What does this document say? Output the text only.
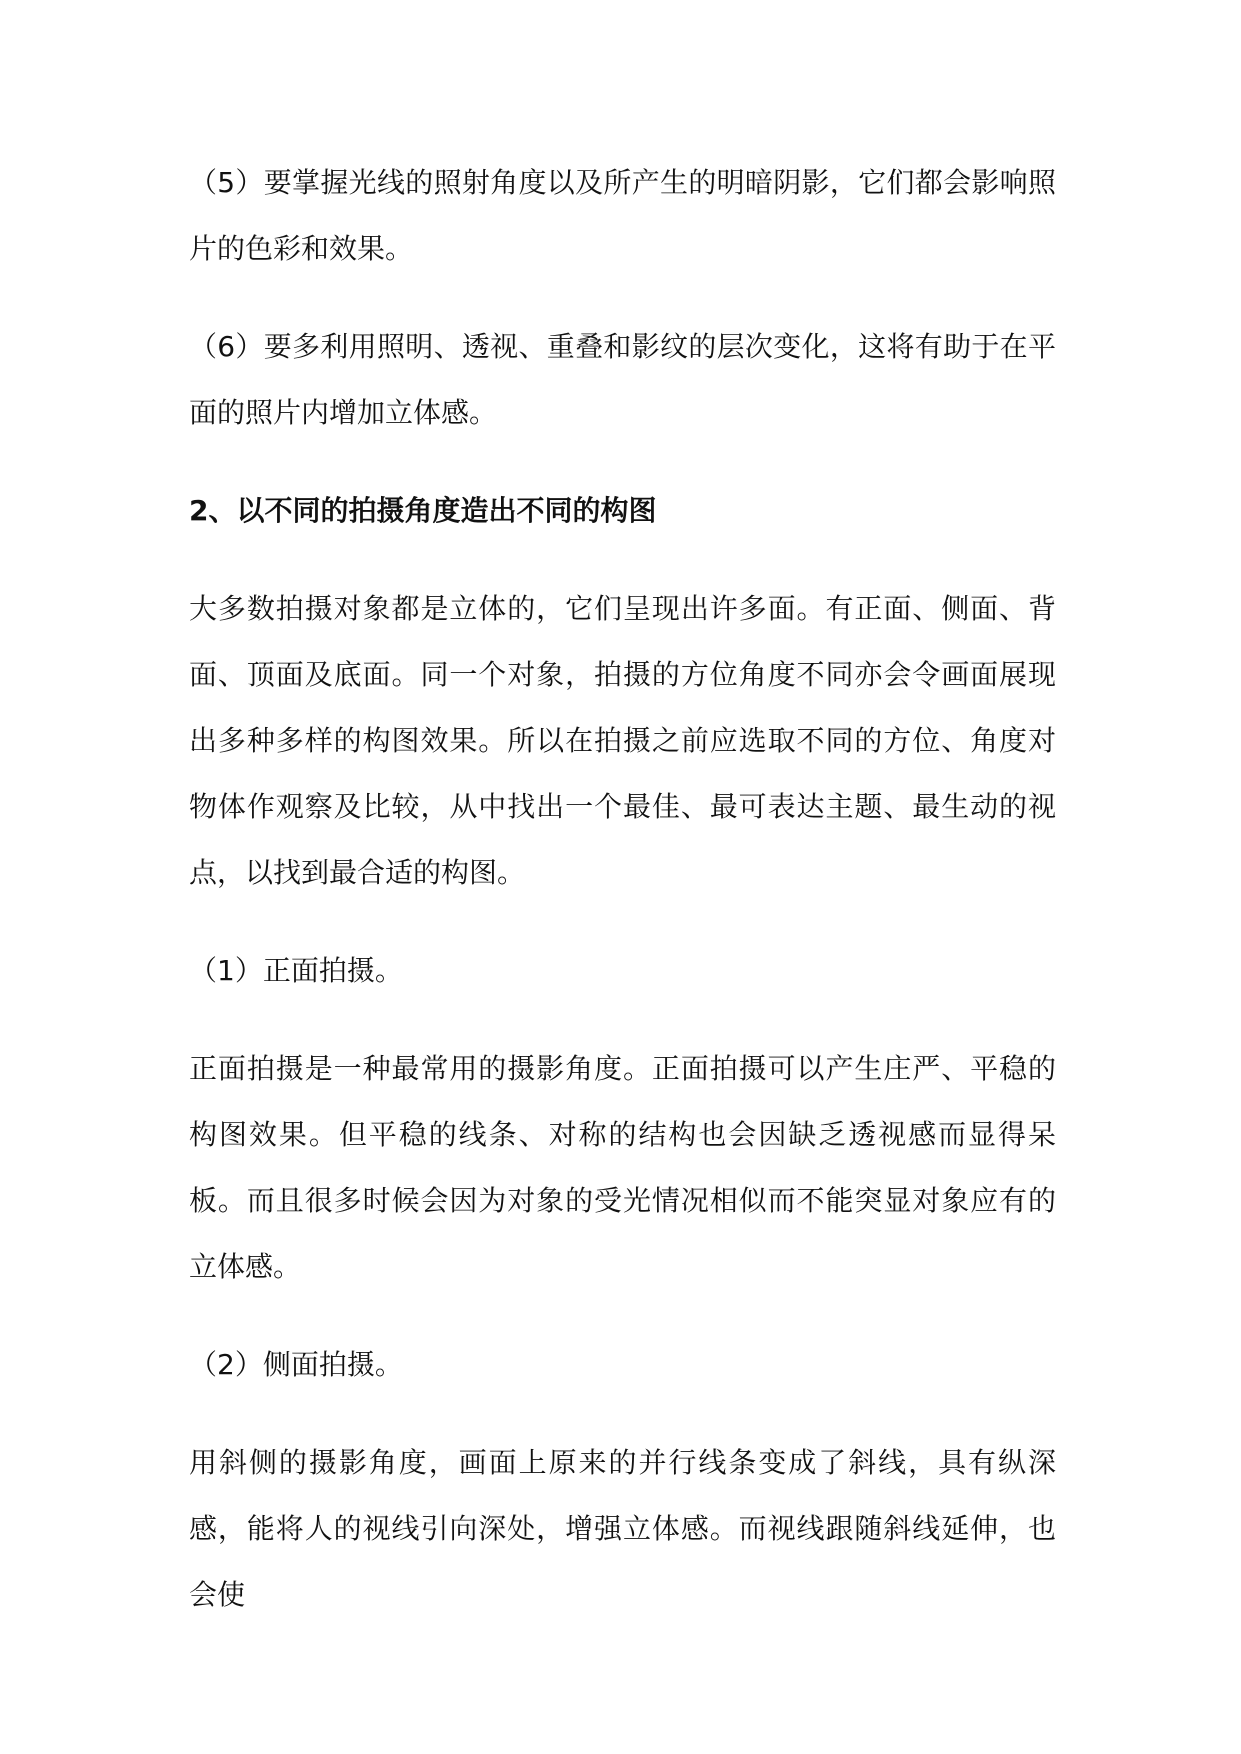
（5）要掌握光线的照射角度以及所产生的明暗阴影，它们都会影响照片的色彩和效果。

（6）要多利用照明、透视、重叠和影纹的层次变化，这将有助于在平面的照片内增加立体感。

2、以不同的拍摄角度造出不同的构图

大多数拍摄对象都是立体的，它们呈现出许多面。有正面、侧面、背面、顶面及底面。同一个对象，拍摄的方位角度不同亦会令画面展现出多种多样的构图效果。所以在拍摄之前应选取不同的方位、角度对物体作观察及比较，从中找出一个最佳、最可表达主题、最生动的视点，以找到最合适的构图。

（1）正面拍摄。

正面拍摄是一种最常用的摄影角度。正面拍摄可以产生庄严、平稳的构图效果。但平稳的线条、对称的结构也会因缺乏透视感而显得呆板。而且很多时候会因为对象的受光情况相似而不能突显对象应有的立体感。

（2）侧面拍摄。

用斜侧的摄影角度，画面上原来的并行线条变成了斜线，具有纵深感，能将人的视线引向深处，增强立体感。而视线跟随斜线延伸，也会使
